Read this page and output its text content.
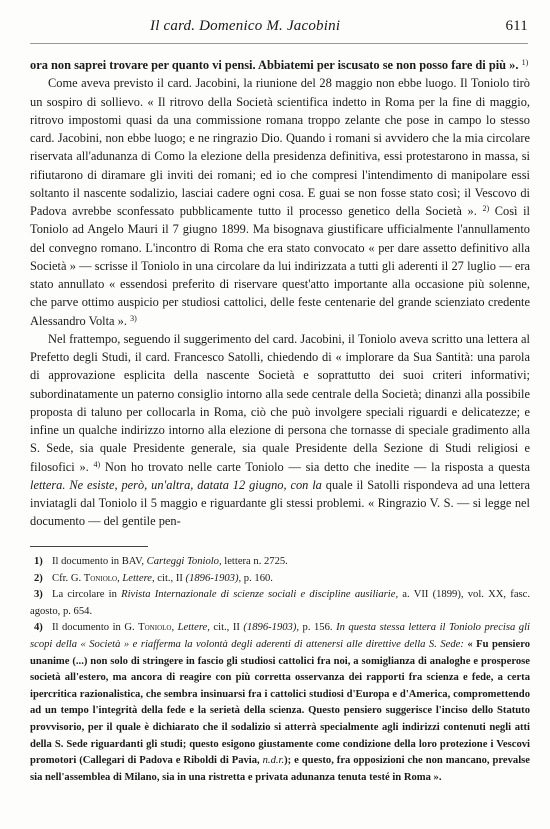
Il card. Domenico M. Jacobini	611

ora non saprei trovare per quanto vi pensi. Abbiatemi per iscusato se non posso fare di più ». $^{1)}$

Come aveva previsto il card. Jacobini, la riunione del 28 maggio non ebbe luogo. Il Toniolo tirò un sospiro di sollievo. « Il ritrovo della Società scientifica indetto in Roma per la fine di maggio, ritrovo impostomi quasi da una commissione romana troppo zelante che pose in campo lo stesso card. Jacobini, non ebbe luogo; e ne ringrazio Dio. Quando i romani si avvidero che la mia circolare riservata all'adunanza di Como la elezione della presidenza definitiva, essi protestarono in massa, si rifiutarono di diramare gli inviti dei romani; ed io che compresi l'intendimento di manipolare essi soltanto il nascente sodalizio, lasciai cadere ogni cosa. E guai se non fosse stato così; il Vescovo di Padova avrebbe sconfessato pubblicamente tutto il processo genetico della Società ». $^{2)}$ Così il Toniolo ad Angelo Mauri il 7 giugno 1899. Ma bisognava giustificare ufficialmente l'annullamento del convegno romano. L'incontro di Roma che era stato convocato « per dare assetto definitivo alla Società » — scrisse il Toniolo in una circolare da lui indirizzata a tutti gli aderenti il 27 luglio — era stato annullato « essendosi preferito di riservare quest'atto importante alla occasione più solenne, che parve ottimo auspicio per studiosi cattolici, delle feste centenarie del grande scienziato credente Alessandro Volta ». $^{3)}$

Nel frattempo, seguendo il suggerimento del card. Jacobini, il Toniolo aveva scritto una lettera al Prefetto degli Studi, il card. Francesco Satolli, chiedendo di « implorare da Sua Santità: una parola di approvazione esplicita della nascente Società e soprattutto dei suoi criteri informativi; subordinatamente un paterno consiglio intorno alla sede centrale della Società; dinanzi alla possibile proposta di taluno per collocarla in Roma, ciò che può involgere speciali riguardi e delicatezze; e infine un qualche indirizzo intorno alla elezione di persona che tornasse di speciale gradimento alla S. Sede, sia quale Presidente generale, sia quale Presidente della Sezione di Studi religiosi e filosofici ». $^{4)}$ Non ho trovato nelle carte Toniolo — sia detto che inedite — la risposta a questa lettera. Ne esiste, però, un'altra, datata 12 giugno, con la quale il Satolli rispondeva ad una lettera inviatagli dal Toniolo il 5 maggio e riguardante gli stessi problemi. « Ringrazio V. S. — si legge nel documento — del gentile pen-

1) Il documento in BAV, Carteggi Toniolo, lettera n. 2725.

2) Cfr. G. Toniolo, Lettere, cit., II (1896-1903), p. 160.

3) La circolare in Rivista Internazionale di scienze sociali e discipline ausiliarie, a. VII (1899), vol. XX, fasc. agosto, p. 654.

4) Il documento in G. Toniolo, Lettere, cit., II (1896-1903), p. 156. In questa stessa lettera il Toniolo precisa gli scopi della « Società » e riafferma la volontà degli aderenti di attenersi alle direttive della S. Sede: « Fu pensiero unanime (...) non solo di stringere in fascio gli studiosi cattolici fra noi, a somiglianza di analoghe e prosperose società all'estero, ma ancora di reagire con più corretta osservanza dei rapporti fra scienza e fede, a certa ipercritica razionalistica, che sembra insinuarsi fra i cattolici studiosi d'Europa e d'America, compromettendo ad un tempo l'integrità della fede e la serietà della scienza. Questo pensiero suggerisce l'inciso dello Statuto provvisorio, per il quale è dichiarato che il sodalizio si atterrà specialmente agli indirizzi contenuti negli atti della S. Sede riguardanti gli studi; questo esigono giustamente come condizione della loro protezione i Vescovi promotori (Callegari di Padova e Riboldi di Pavia, n.d.r.); e questo, fra opposizioni che non mancano, prevalse sia nell'assemblea di Milano, sia in una ristretta e privata adunanza tenuta testé in Roma ».
